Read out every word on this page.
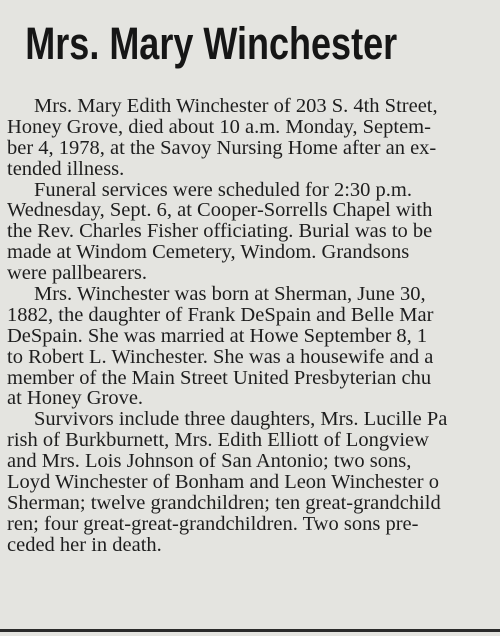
Mrs. Mary Winchester
Mrs. Mary Edith Winchester of 203 S. 4th Street,
Honey Grove, died about 10 a.m. Monday, Septem-
ber 4, 1978, at the Savoy Nursing Home after an ex-
tended illness.
Funeral services were scheduled for 2:30 p.m.
Wednesday, Sept. 6, at Cooper-Sorrells Chapel with
the Rev. Charles Fisher officiating. Burial was to be
made at Windom Cemetery, Windom. Grandsons
were pallbearers.
Mrs. Winchester was born at Sherman, June 30,
1882, the daughter of Frank DeSpain and Belle Mar
DeSpain. She was married at Howe September 8, 1
to Robert L. Winchester. She was a housewife and a
member of the Main Street United Presbyterian chu
at Honey Grove.
Survivors include three daughters, Mrs. Lucille Pa
rish of Burkburnett, Mrs. Edith Elliott of Longview
and Mrs. Lois Johnson of San Antonio; two sons,
Loyd Winchester of Bonham and Leon Winchester o
Sherman; twelve grandchildren; ten great-grandchild
ren; four great-great-grandchildren. Two sons pre-
ceded her in death.
